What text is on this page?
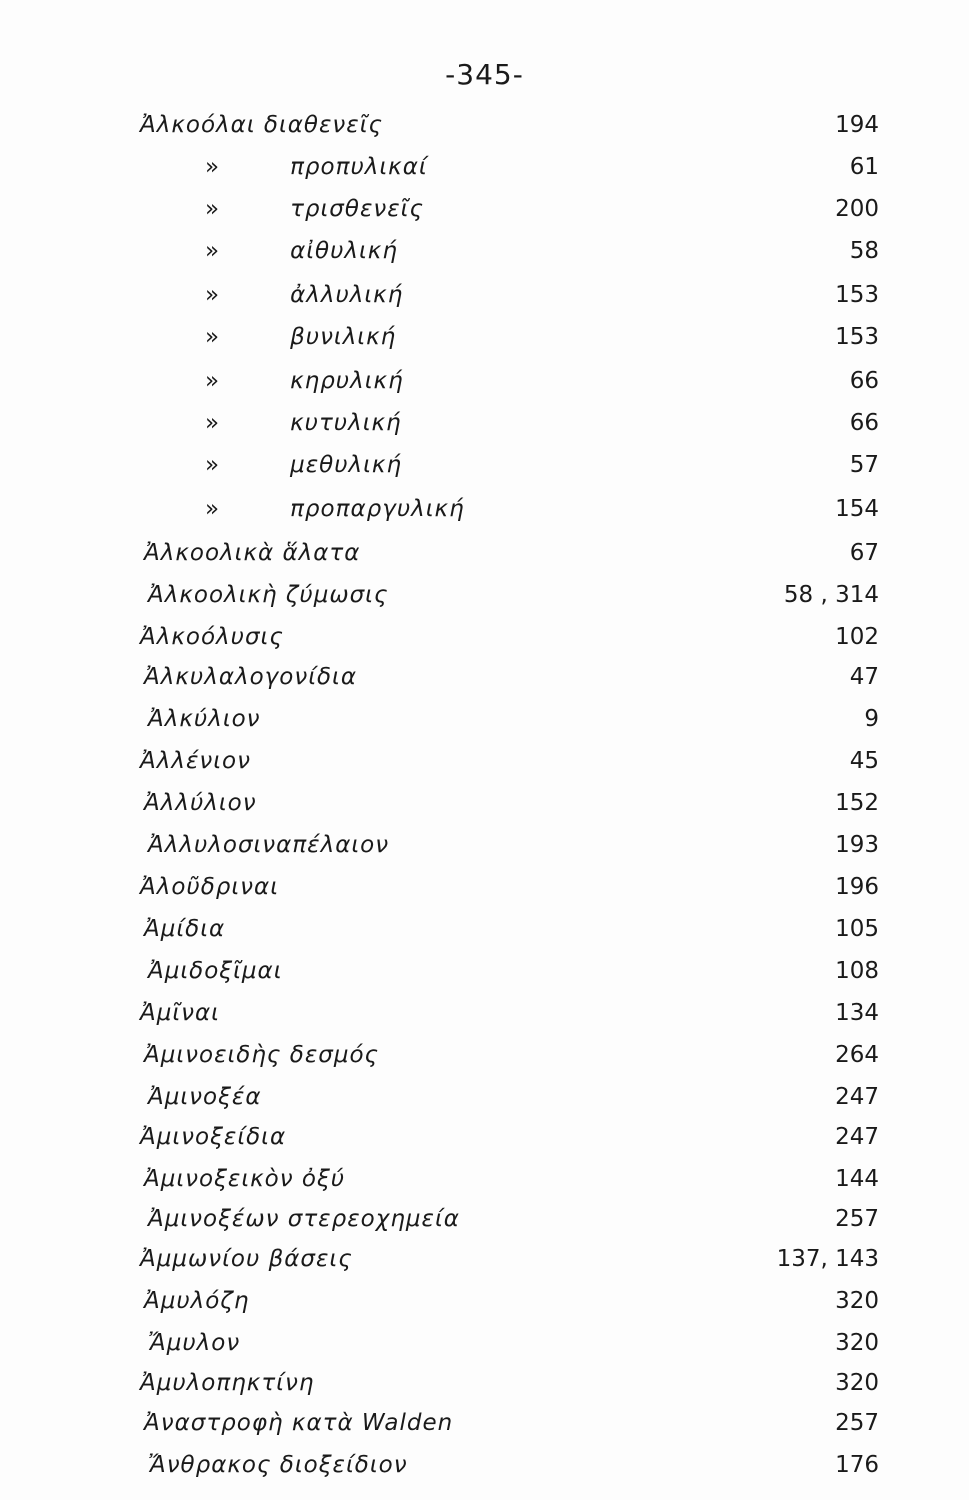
-345-
Ἀλκοόλαι διαθενεῖς	194
»	προπυλικαί	61
»	τρισθενεῖς	200
»	αἰθυλική	58
»	ἀλλυλική	153
»	βυνιλική	153
»	κηρυλική	66
»	κυτυλική	66
»	μεθυλική	57
»	προπαργυλική	154
Ἀλκοολικὰ ἅλατα	67
Ἀλκοολικὴ ζύμωσις	58 , 314
Ἀλκοόλυσις	102
Ἀλκυλαλογονίδια	47
Ἀλκύλιον	9
Ἀλλένιον	45
Ἀλλύλιον	152
Ἀλλυλοσιναπέλαιον	193
Ἀλοῦδριναι	196
Ἀμίδια	105
Ἀμιδοξῖμαι	108
Ἀμῖναι	134
Ἀμινοειδὴς δεσμός	264
Ἀμινοξέα	247
Ἀμινοξείδια	247
Ἀμινοξεικὸν ὀξύ	144
Ἀμινοξέων στερεοχημεία	257
Ἀμμωνίου βάσεις	137, 143
Ἀμυλόζη	320
Ἄμυλον	320
Ἀμυλοπηκτίνη	320
Ἀναστροφὴ κατὰ Walden	257
Ἄνθρακος διοξείδιον	176
